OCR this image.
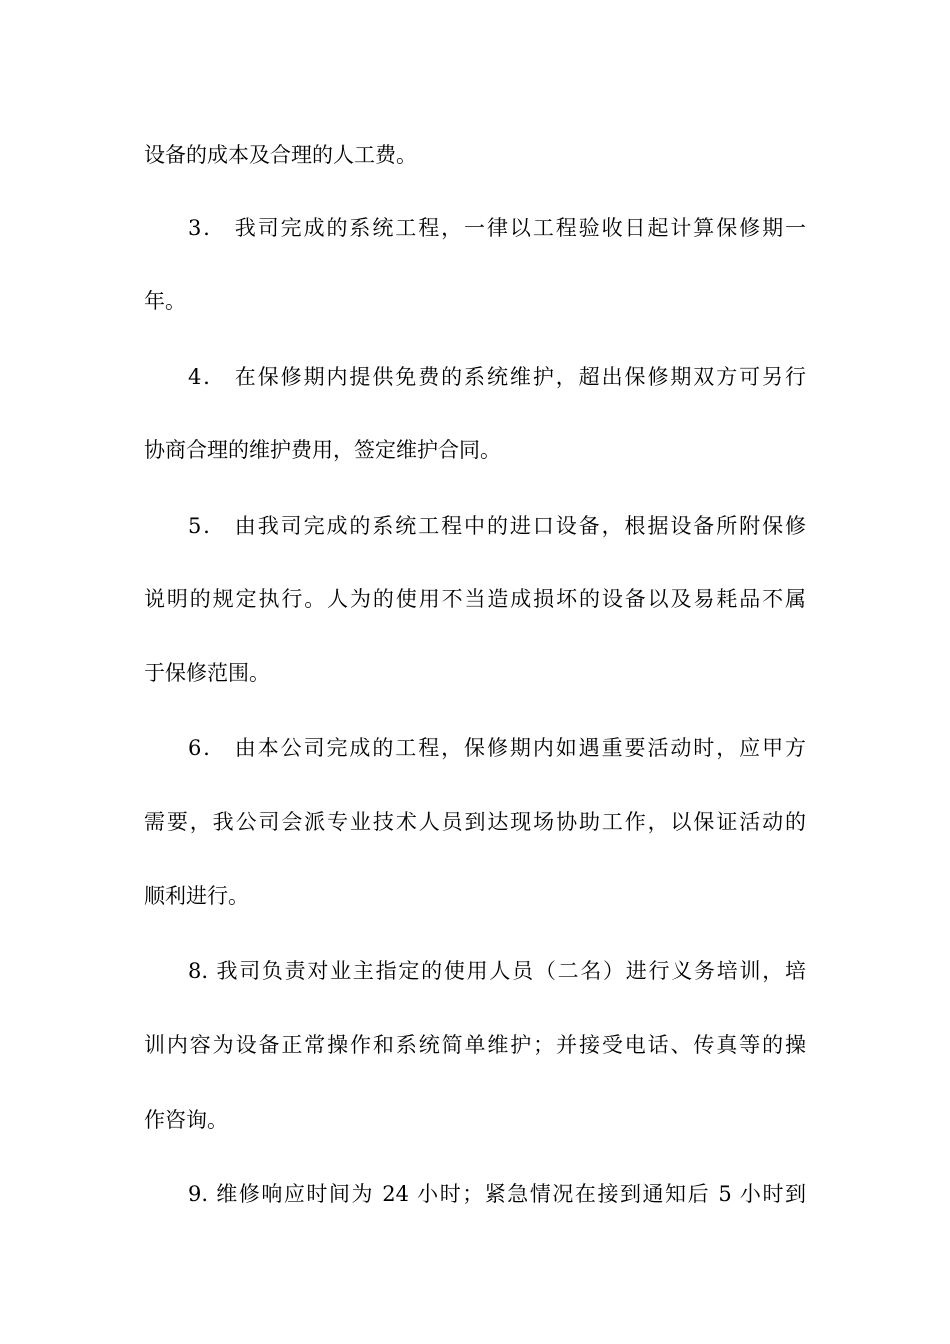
设备的成本及合理的人工费。
3． 我司完成的系统工程，一律以工程验收日起计算保修期一
年。
4． 在保修期内提供免费的系统维护，超出保修期双方可另行
协商合理的维护费用，签定维护合同。
5． 由我司完成的系统工程中的进口设备，根据设备所附保修
说明的规定执行。人为的使用不当造成损坏的设备以及易耗品不属
于保修范围。
6． 由本公司完成的工程，保修期内如遇重要活动时，应甲方
需要，我公司会派专业技术人员到达现场协助工作，以保证活动的
顺利进行。
8. 我司负责对业主指定的使用人员（二名）进行义务培训，培
训内容为设备正常操作和系统简单维护；并接受电话、传真等的操
作咨询。
9. 维修响应时间为 24 小时；紧急情况在接到通知后 5 小时到
